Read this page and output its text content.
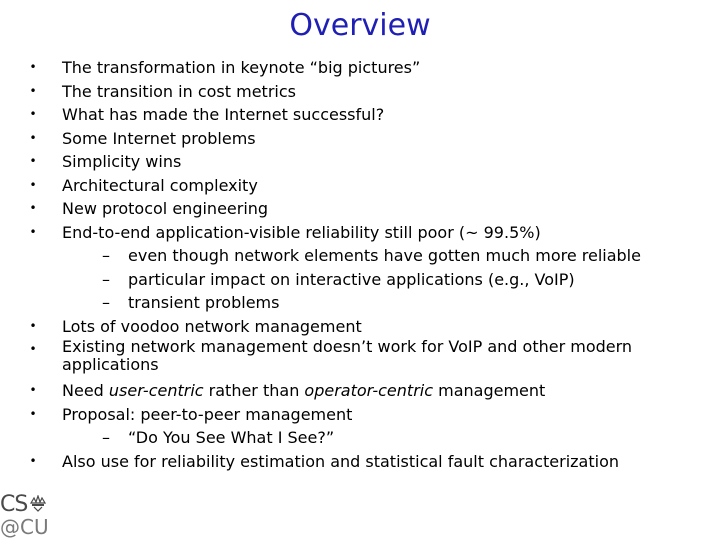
Overview
• The transformation in keynote “big pictures”
• The transition in cost metrics
• What has made the Internet successful?
• Some Internet problems
• Simplicity wins
• Architectural complexity
• New protocol engineering
• End-to-end application-visible reliability still poor (~ 99.5%)
– even though network elements have gotten much more reliable
– particular impact on interactive applications (e.g., VoIP)
– transient problems
• Lots of voodoo network management
• Existing network management doesn’t work for VoIP and other modern applications
• Need user-centric rather than operator-centric management
• Proposal: peer-to-peer management
– “Do You See What I See?”
• Also use for reliability estimation and statistical fault characterization
CS
@CU
